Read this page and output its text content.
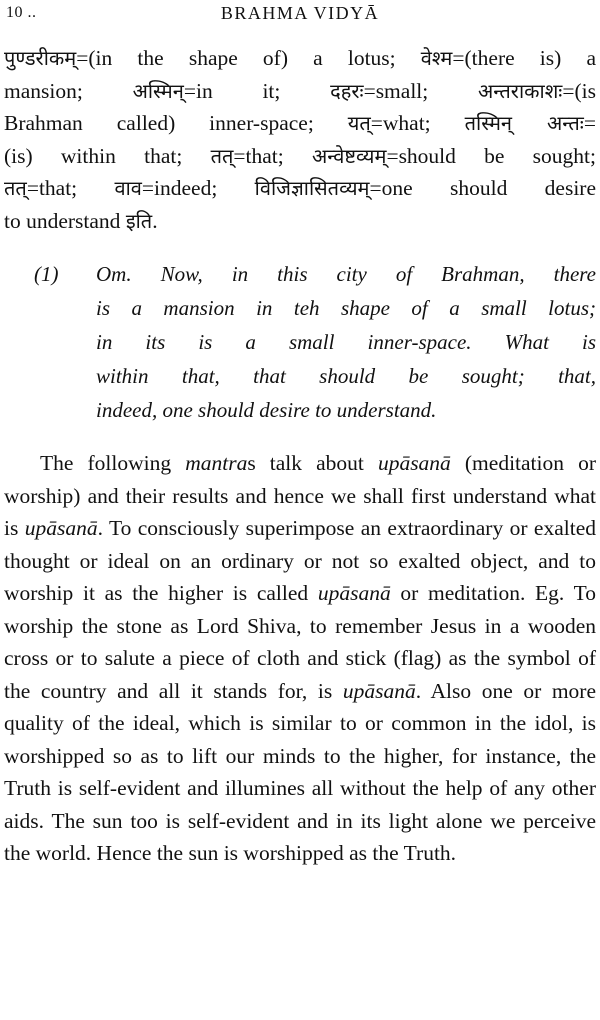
10 ..	BRAHMA VIDYĀ

पुण्डरीकम्=(in the shape of) a lotus; वेश्म=(there is) a
mansion; अस्मिन्=in it; दहरः=small; अन्तराकाशः=(is
Brahman called) inner-space; यत्=what; तस्मिन् अन्तः=
(is) within that; तत्=that; अन्वेष्टव्यम्=should be sought;
तत्=that; वाव=indeed; विजिज्ञासितव्यम्=one should desire
to understand इति.

(1) Om. Now, in this city of Brahman, there
is a mansion in teh shape of a small lotus;
in its is a small inner-space. What is
within that, that should be sought; that,
indeed, one should desire to understand.

The following mantras talk about upāsanā (meditation or worship) and their results and hence we shall first understand what is upāsanā. To consciously superimpose an extraordinary or exalted thought or ideal on an ordinary or not so exalted object, and to worship it as the higher is called upāsanā or meditation. Eg. To worship the stone as Lord Shiva, to remember Jesus in a wooden cross or to salute a piece of cloth and stick (flag) as the symbol of the country and all it stands for, is upāsanā. Also one or more quality of the ideal, which is similar to or common in the idol, is worshipped so as to lift our minds to the higher, for instance, the Truth is self-evident and illumines all without the help of any other aids. The sun too is self-evident and in its light alone we perceive the world. Hence the sun is worshipped as the Truth.
